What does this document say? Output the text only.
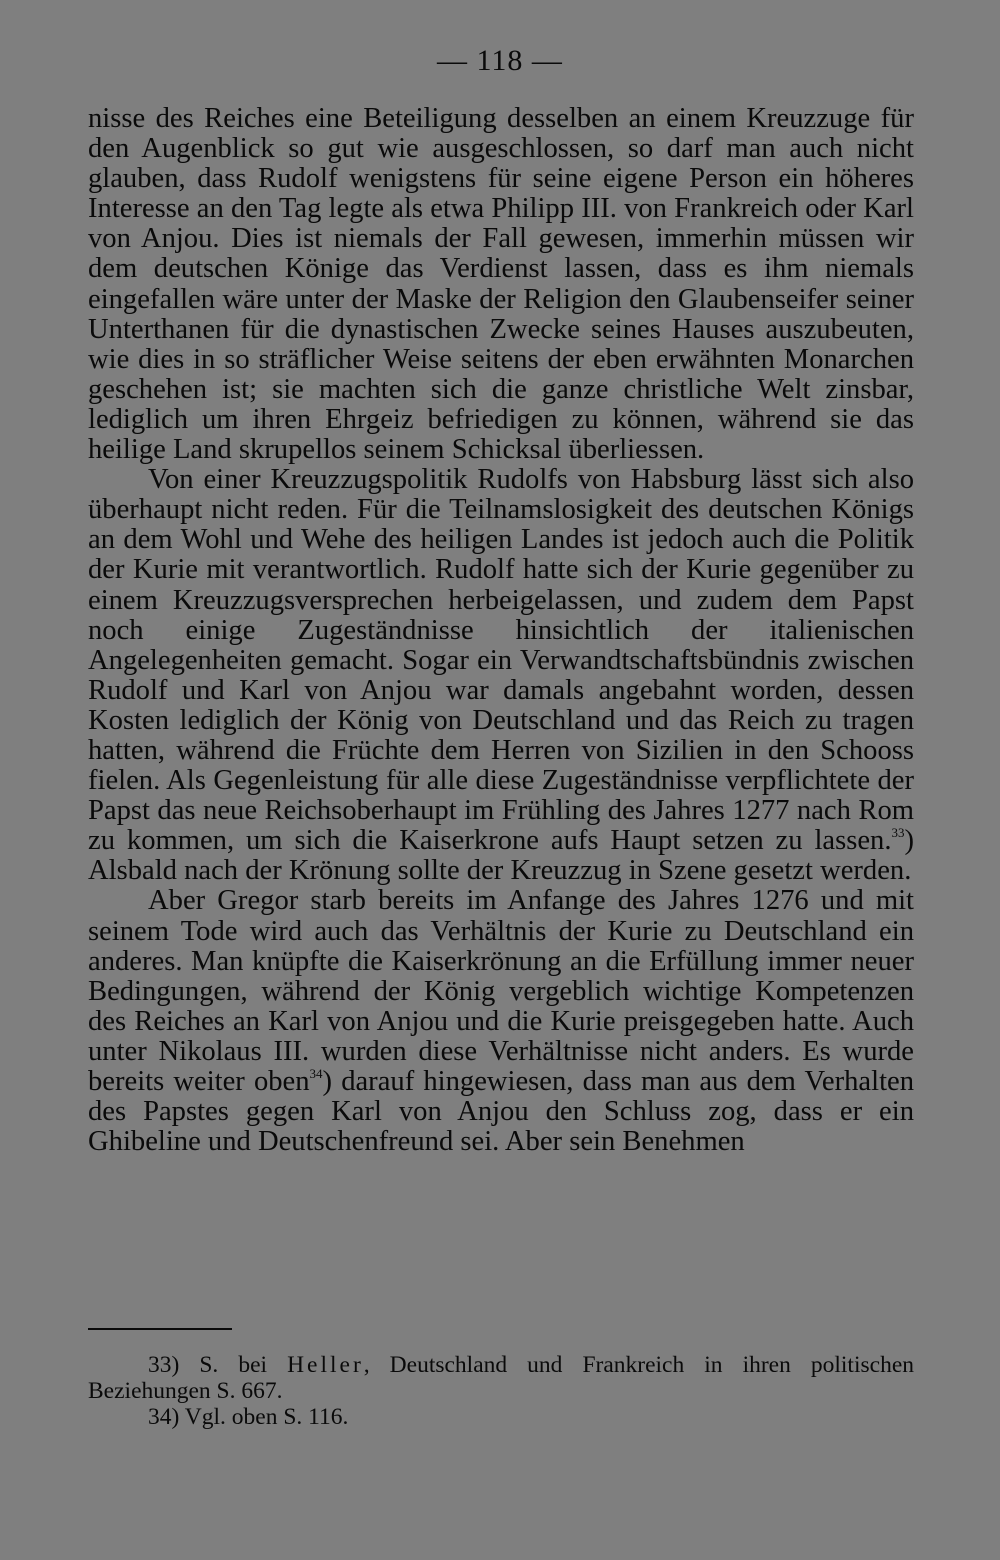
— 118 —

nisse des Reiches eine Beteiligung desselben an einem Kreuzzuge für den Augenblick so gut wie ausgeschlossen, so darf man auch nicht glauben, dass Rudolf wenigstens für seine eigene Person ein höheres Interesse an den Tag legte als etwa Philipp III. von Frankreich oder Karl von Anjou. Dies ist niemals der Fall gewesen, immerhin müssen wir dem deutschen Könige das Verdienst lassen, dass es ihm niemals eingefallen wäre unter der Maske der Religion den Glaubenseifer seiner Unterthanen für die dynastischen Zwecke seines Hauses auszubeuten, wie dies in so sträflicher Weise seitens der eben erwähnten Monarchen geschehen ist; sie machten sich die ganze christliche Welt zinsbar, lediglich um ihren Ehrgeiz befriedigen zu können, während sie das heilige Land skrupellos seinem Schicksal überliessen.

Von einer Kreuzzugspolitik Rudolfs von Habsburg lässt sich also überhaupt nicht reden. Für die Teilnamslosigkeit des deutschen Königs an dem Wohl und Wehe des heiligen Landes ist jedoch auch die Politik der Kurie mit verantwortlich. Rudolf hatte sich der Kurie gegenüber zu einem Kreuzzugsversprechen herbeigelassen, und zudem dem Papst noch einige Zugeständnisse hinsichtlich der italienischen Angelegenheiten gemacht. Sogar ein Verwandtschaftsbündnis zwischen Rudolf und Karl von Anjou war damals angebahnt worden, dessen Kosten lediglich der König von Deutschland und das Reich zu tragen hatten, während die Früchte dem Herren von Sizilien in den Schooss fielen. Als Gegenleistung für alle diese Zugeständnisse verpflichtete der Papst das neue Reichsoberhaupt im Frühling des Jahres 1277 nach Rom zu kommen, um sich die Kaiserkrone aufs Haupt setzen zu lassen.$^{33}$) Alsbald nach der Krönung sollte der Kreuzzug in Szene gesetzt werden.

Aber Gregor starb bereits im Anfange des Jahres 1276 und mit seinem Tode wird auch das Verhältnis der Kurie zu Deutschland ein anderes. Man knüpfte die Kaiserkrönung an die Erfüllung immer neuer Bedingungen, während der König vergeblich wichtige Kompetenzen des Reiches an Karl von Anjou und die Kurie preisgegeben hatte. Auch unter Nikolaus III. wurden diese Verhältnisse nicht anders. Es wurde bereits weiter oben$^{34}$) darauf hingewiesen, dass man aus dem Verhalten des Papstes gegen Karl von Anjou den Schluss zog, dass er ein Ghibeline und Deutschenfreund sei. Aber sein Benehmen

33) S. bei Heller, Deutschland und Frankreich in ihren politischen Beziehungen S. 667.

34) Vgl. oben S. 116.
